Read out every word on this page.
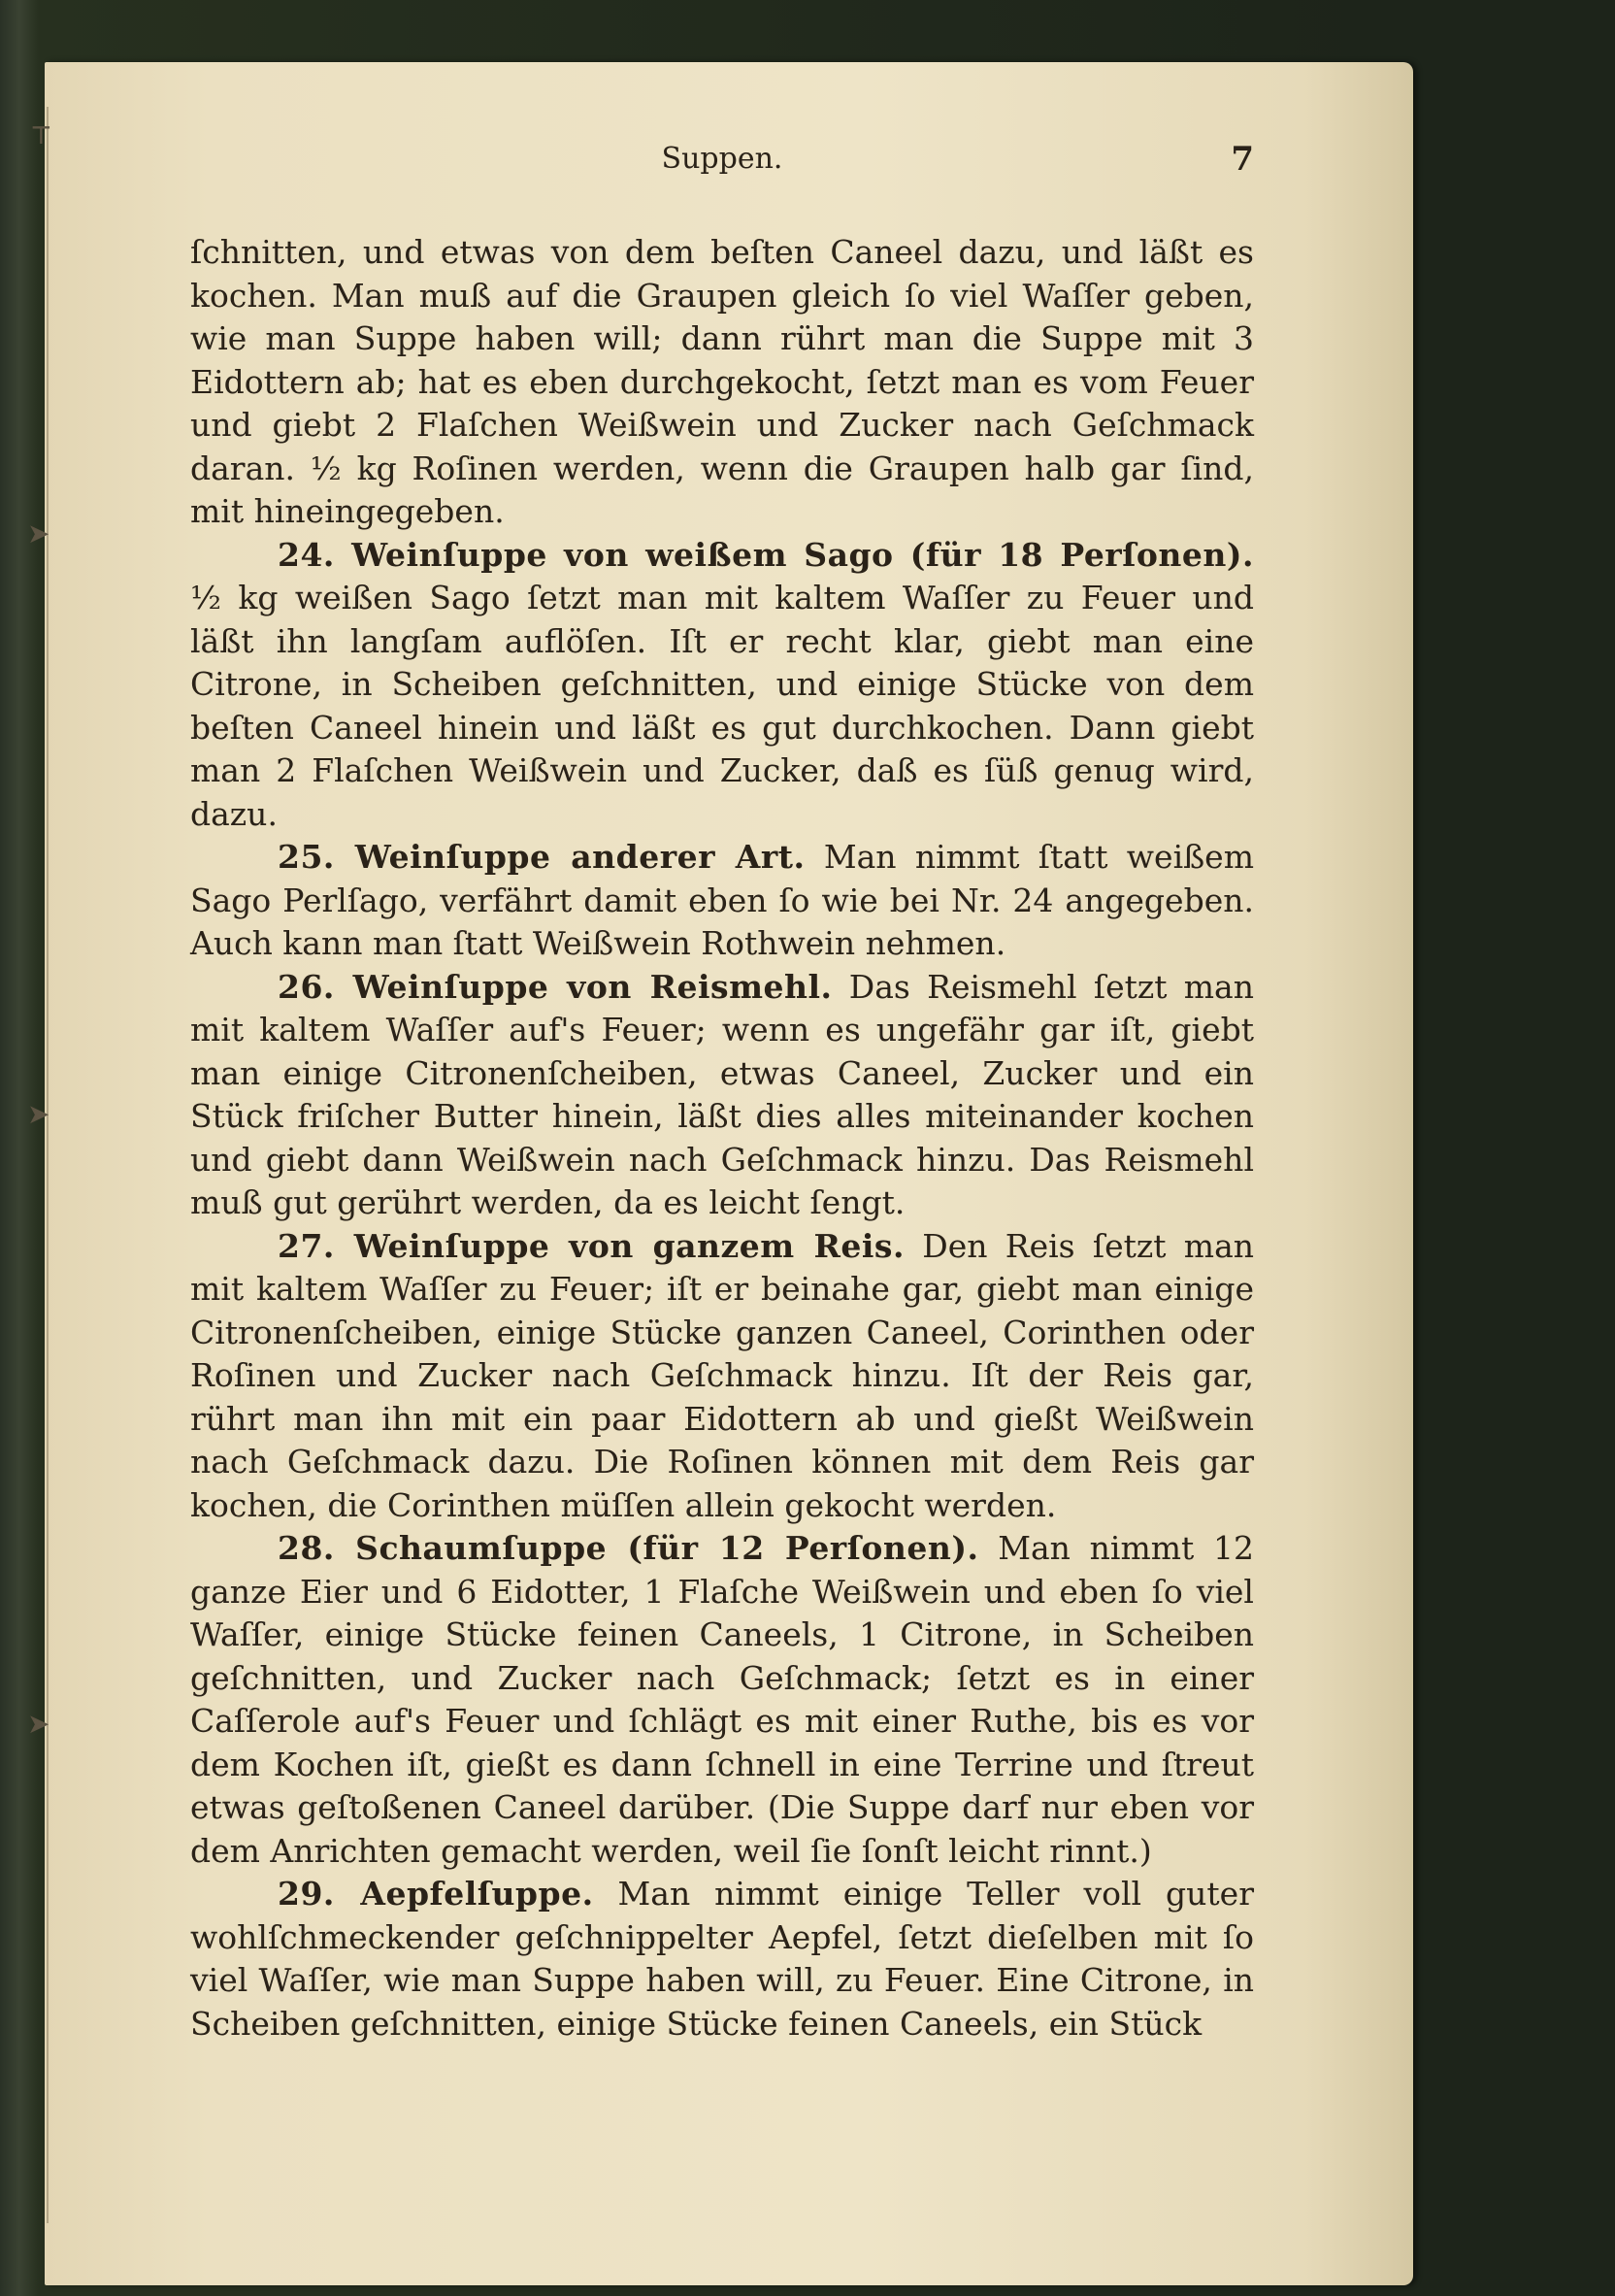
┬
➤
➤
➤
Suppen.	7

ſchnitten, und etwas von dem beſten Caneel dazu, und läßt es kochen. Man muß auf die Graupen gleich ſo viel Waſſer geben, wie man Suppe haben will; dann rührt man die Suppe mit 3 Eidottern ab; hat es eben durchgekocht, ſetzt man es vom Feuer und giebt 2 Flaſchen Weißwein und Zucker nach Geſchmack daran. ½ kg Roſinen werden, wenn die Graupen halb gar ſind, mit hineingegeben.

24. Weinſuppe von weißem Sago (für 18 Perſonen). ½ kg weißen Sago ſetzt man mit kaltem Waſſer zu Feuer und läßt ihn langſam auflöſen. Iſt er recht klar, giebt man eine Citrone, in Scheiben geſchnitten, und einige Stücke von dem beſten Caneel hinein und läßt es gut durchkochen. Dann giebt man 2 Flaſchen Weißwein und Zucker, daß es ſüß genug wird, dazu.

25. Weinſuppe anderer Art. Man nimmt ſtatt weißem Sago Perlſago, verfährt damit eben ſo wie bei Nr. 24 angegeben. Auch kann man ſtatt Weißwein Rothwein nehmen.

26. Weinſuppe von Reismehl. Das Reismehl ſetzt man mit kaltem Waſſer auf's Feuer; wenn es ungefähr gar iſt, giebt man einige Citronenſcheiben, etwas Caneel, Zucker und ein Stück friſcher Butter hinein, läßt dies alles miteinander kochen und giebt dann Weißwein nach Geſchmack hinzu. Das Reismehl muß gut gerührt werden, da es leicht ſengt.

27. Weinſuppe von ganzem Reis. Den Reis ſetzt man mit kaltem Waſſer zu Feuer; iſt er beinahe gar, giebt man einige Citronenſcheiben, einige Stücke ganzen Caneel, Corinthen oder Roſinen und Zucker nach Geſchmack hinzu. Iſt der Reis gar, rührt man ihn mit ein paar Eidottern ab und gießt Weißwein nach Geſchmack dazu. Die Roſinen können mit dem Reis gar kochen, die Corinthen müſſen allein gekocht werden.

28. Schaumſuppe (für 12 Perſonen). Man nimmt 12 ganze Eier und 6 Eidotter, 1 Flaſche Weißwein und eben ſo viel Waſſer, einige Stücke feinen Caneels, 1 Citrone, in Scheiben geſchnitten, und Zucker nach Geſchmack; ſetzt es in einer Caſſerole auf's Feuer und ſchlägt es mit einer Ruthe, bis es vor dem Kochen iſt, gießt es dann ſchnell in eine Terrine und ſtreut etwas geſtoßenen Caneel darüber. (Die Suppe darf nur eben vor dem Anrichten gemacht werden, weil ſie ſonſt leicht rinnt.)

29. Aepfelſuppe. Man nimmt einige Teller voll guter wohlſchmeckender geſchnippelter Aepfel, ſetzt dieſelben mit ſo viel Waſſer, wie man Suppe haben will, zu Feuer. Eine Citrone, in Scheiben geſchnitten, einige Stücke feinen Caneels, ein Stück
